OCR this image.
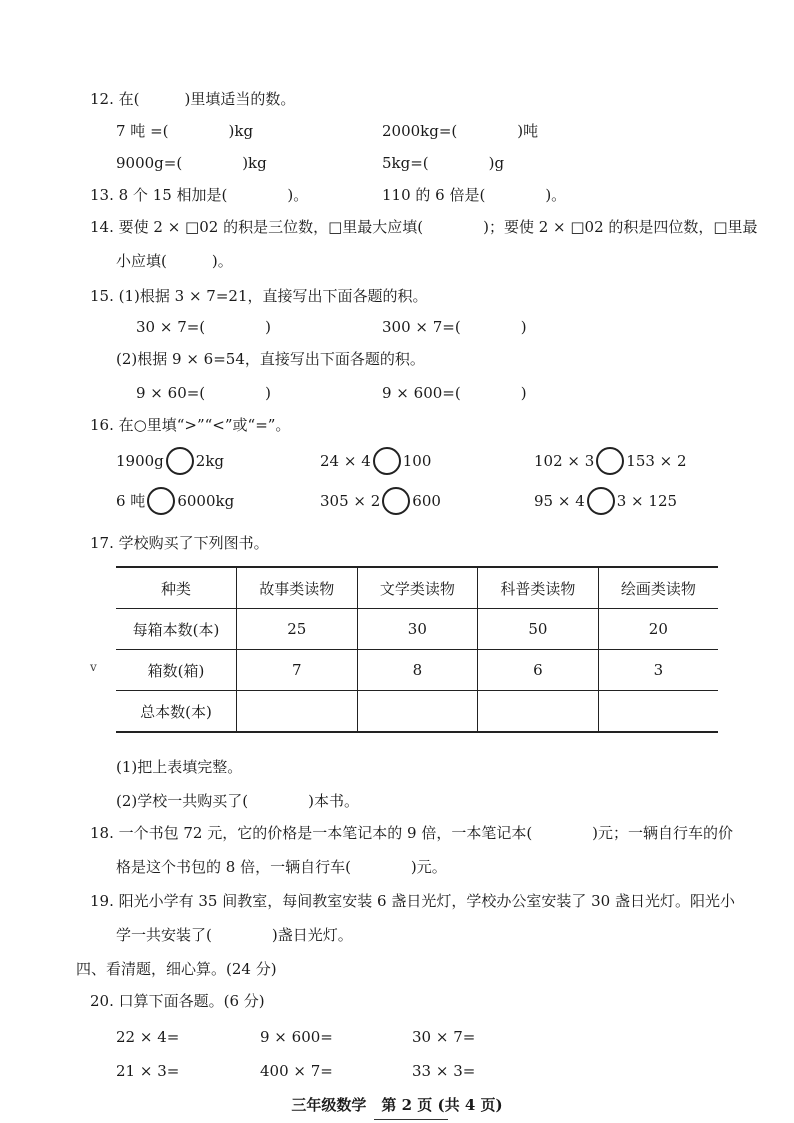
12. 在(　　　)里填适当的数。
7 吨 =(　　　　)kg	2000kg=(　　　　)吨
9000g=(　　　　)kg	5kg=(　　　　)g
13. 8 个 15 相加是(　　　　)。	110 的 6 倍是(　　　　)。
14. 要使 2 × □02 的积是三位数，□里最大应填(　　　　)；要使 2 × □02 的积是四位数，□里最
小应填(　　　)。
15. (1)根据 3 × 7=21，直接写出下面各题的积。
30 × 7=(　　　　)	300 × 7=(　　　　)
(2)根据 9 × 6=54，直接写出下面各题的积。
9 × 60=(　　　　)	9 × 600=(　　　　)
16. 在○里填“>”“<”或“=”。
1900g 2kg	24 × 4 100	102 × 3 153 × 2
6 吨 6000kg	305 × 2 600	95 × 4 3 × 125
17. 学校购买了下列图书。
种类	故事类读物	文学类读物	科普类读物	绘画类读物
每箱本数(本)	25	30	50	20
箱数(箱)	7	8	6	3
总本数(本)				
v
(1)把上表填完整。
(2)学校一共购买了(　　　　)本书。
18. 一个书包 72 元，它的价格是一本笔记本的 9 倍，一本笔记本(　　　　)元；一辆自行车的价
格是这个书包的 8 倍，一辆自行车(　　　　)元。
19. 阳光小学有 35 间教室，每间教室安装 6 盏日光灯，学校办公室安装了 30 盏日光灯。阳光小
学一共安装了(　　　　)盏日光灯。
四、看清题，细心算。(24 分)
20. 口算下面各题。(6 分)
22 × 4=	9 × 600=	30 × 7=
21 × 3=	400 × 7=	33 × 3=
三年级数学　第 2 页 (共 4 页)
